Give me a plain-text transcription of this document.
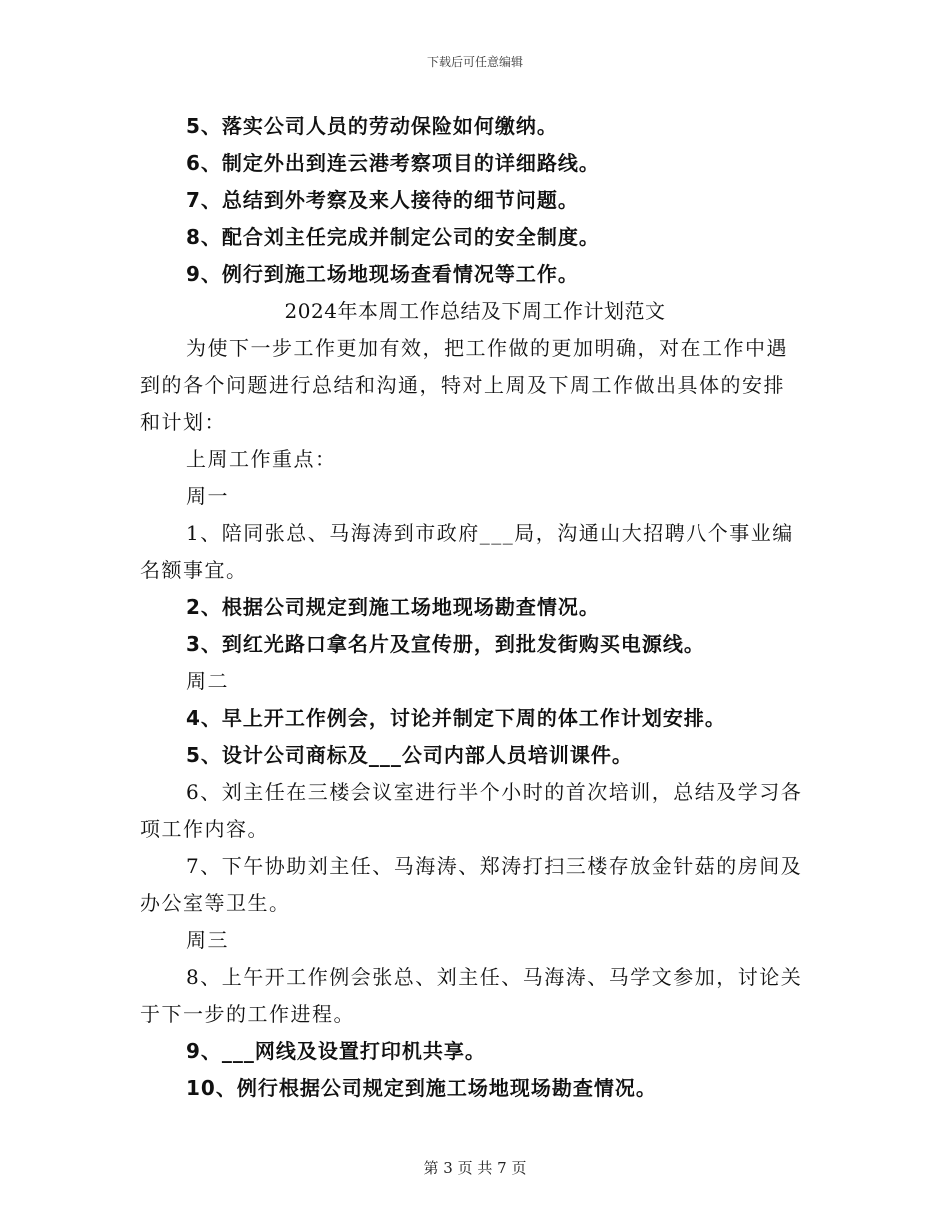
下载后可任意编辑
5、落实公司人员的劳动保险如何缴纳。
6、制定外出到连云港考察项目的详细路线。
7、总结到外考察及来人接待的细节问题。
8、配合刘主任完成并制定公司的安全制度。
9、例行到施工场地现场查看情况等工作。
2024年本周工作总结及下周工作计划范文
为使下一步工作更加有效，把工作做的更加明确，对在工作中遇
到的各个问题进行总结和沟通，特对上周及下周工作做出具体的安排
和计划：
上周工作重点：
周一
1、陪同张总、马海涛到市政府___局，沟通山大招聘八个事业编
名额事宜。
2、根据公司规定到施工场地现场勘查情况。
3、到红光路口拿名片及宣传册，到批发街购买电源线。
周二
4、早上开工作例会，讨论并制定下周的体工作计划安排。
5、设计公司商标及___公司内部人员培训课件。
6、刘主任在三楼会议室进行半个小时的首次培训，总结及学习各
项工作内容。
7、下午协助刘主任、马海涛、郑涛打扫三楼存放金针菇的房间及
办公室等卫生。
周三
8、上午开工作例会张总、刘主任、马海涛、马学文参加，讨论关
于下一步的工作进程。
9、___网线及设置打印机共享。
10、例行根据公司规定到施工场地现场勘查情况。
第 3 页 共 7 页
